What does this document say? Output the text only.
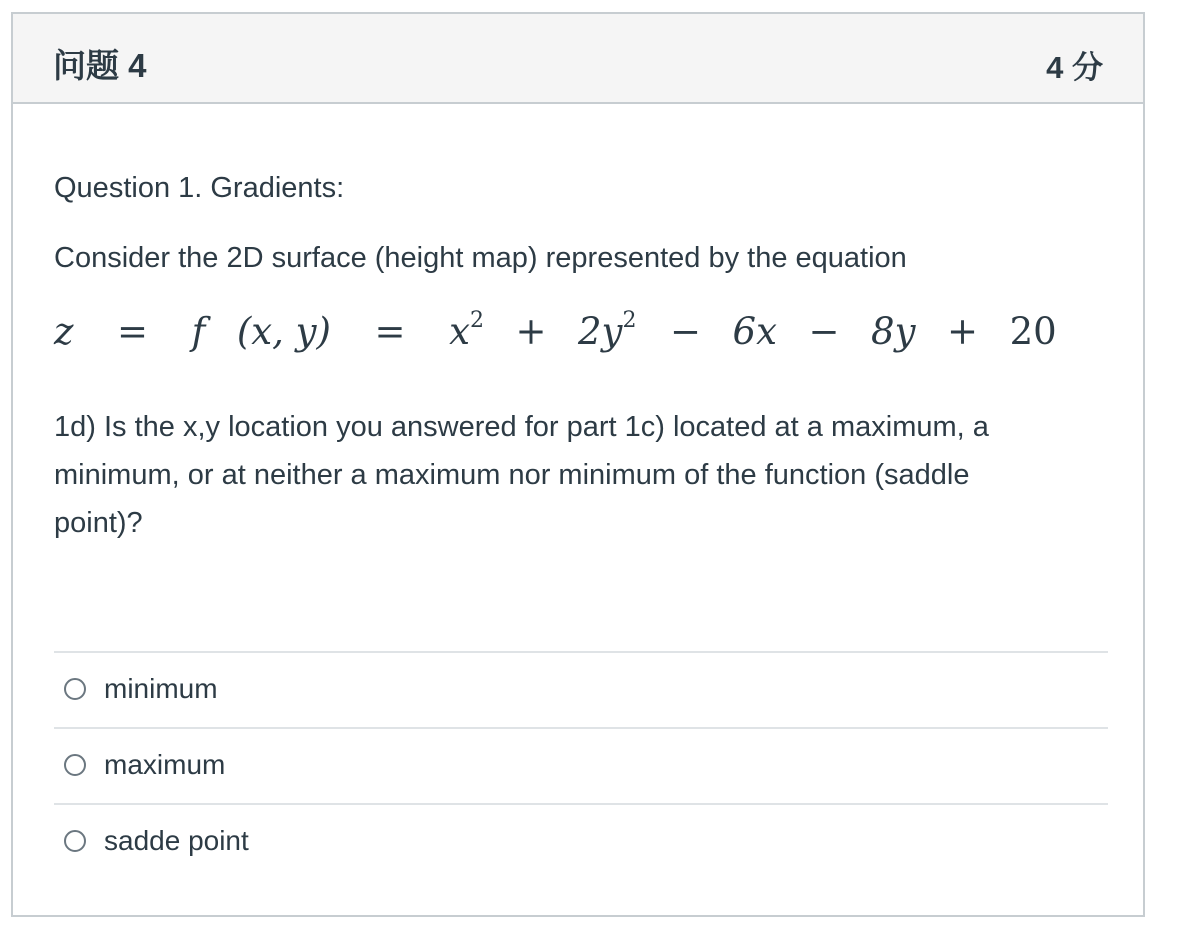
问题 4	4 分
Question 1. Gradients:
Consider the 2D surface (height map) represented by the equation
z = f (x, $y) = x^2 + 2y^2 - 6x - 8y + 20$
1d) Is the x,y location you answered for part 1c) located at a maximum, a minimum, or at neither a maximum nor minimum of the function (saddle point)?
minimum
maximum
sadde point
